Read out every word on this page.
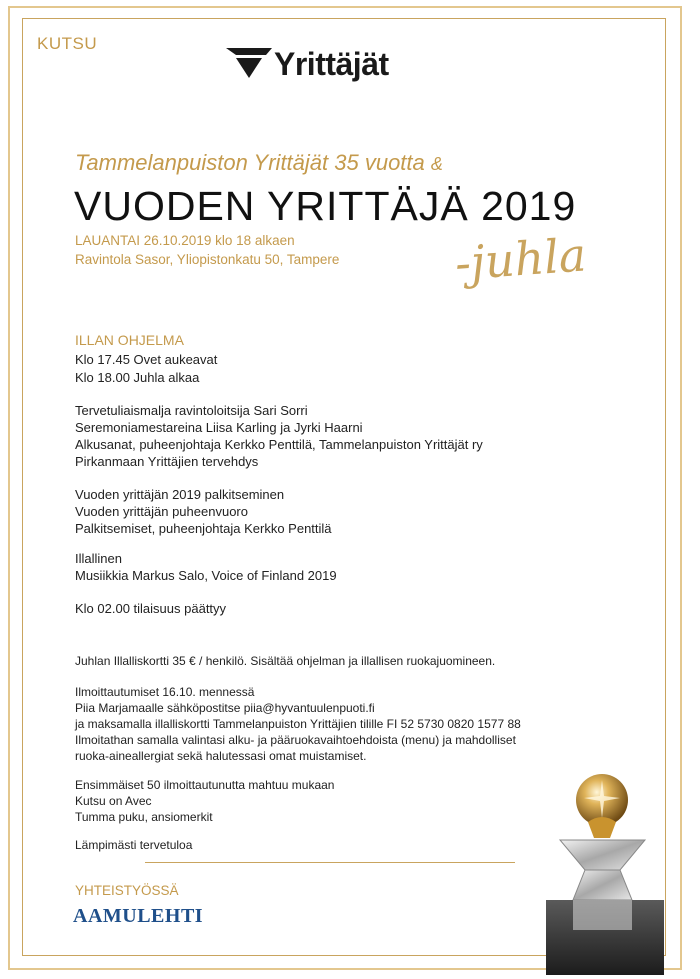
KUTSU
Yrittäjät
Tammelanpuiston Yrittäjät 35 vuotta &
VUODEN YRITTÄJÄ 2019
LAUANTAI 26.10.2019 klo 18 alkaen
Ravintola Sasor, Yliopistonkatu 50, Tampere -juhla
ILLAN OHJELMA
Klo 17.45 Ovet aukeavat
Klo 18.00 Juhla alkaa
Tervetuliaismalja ravintoloitsija Sari Sorri
Seremoniamestareina Liisa Karling ja Jyrki Haarni
Alkusanat, puheenjohtaja Kerkko Penttilä, Tammelanpuiston Yrittäjät ry
Pirkanmaan Yrittäjien tervehdys
Vuoden yrittäjän 2019 palkitseminen
Vuoden yrittäjän puheenvuoro
Palkitsemiset, puheenjohtaja Kerkko Penttilä
Illallinen
Musiikkia Markus Salo, Voice of Finland 2019
Klo 02.00 tilaisuus päättyy
Juhlan Illalliskortti 35 € / henkilö. Sisältää ohjelman ja illallisen ruokajuomineen.
Ilmoittautumiset 16.10. mennessä
Piia Marjamaalle sähköpostitse piia@hyvantuulenpuoti.fi
ja maksamalla illalliskortti Tammelanpuiston Yrittäjien tilille FI 52 5730 0820 1577 88
Ilmoitathan samalla valintasi alku- ja pääruokavaihtoehdoista (menu) ja mahdolliset
ruoka-aineallergiat sekä halutessasi omat muistamiset.
Ensimmäiset 50 ilmoittautunutta mahtuu mukaan
Kutsu on Avec
Tumma puku, ansiomerkit
Lämpimästi tervetuloa
YHTEISTYÖSSÄ
AAMULEHTI
